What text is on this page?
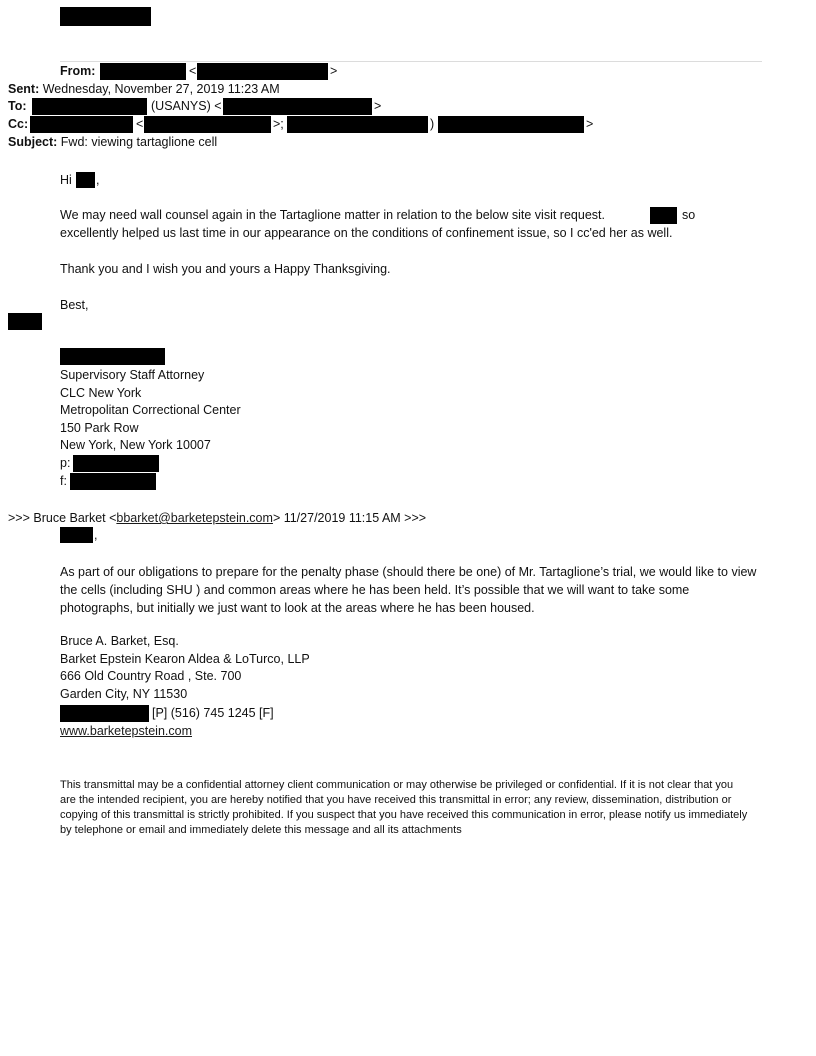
From:	<	>
Sent: Wednesday, November 27, 2019 11:23 AM
To:	(USANYS) <	>
Cc:	<	>;	)	>
Subject: Fwd: viewing tartaglione cell
Hi ,
We may need wall counsel again in the Tartaglione matter in relation to the below site visit request.	so
excellently helped us last time in our appearance on the conditions of confinement issue, so I cc'ed her as well.
Thank you and I wish you and yours a Happy Thanksgiving.
Best,
Supervisory Staff Attorney
CLC New York
Metropolitan Correctional Center
150 Park Row
New York, New York 10007
p:
f:
>>> Bruce Barket <bbarket@barketepstein.com> 11/27/2019 11:15 AM >>>
,
As part of our obligations to prepare for the penalty phase (should there be one) of Mr. Tartaglione’s trial, we would like to view the cells (including SHU ) and common areas where he has been held. It’s possible that we will want to take some photographs, but initially we just want to look at the areas where he has been housed.
Bruce A. Barket, Esq.
Barket Epstein Kearon Aldea & LoTurco, LLP
666 Old Country Road , Ste. 700
Garden City, NY 11530
[P] (516) 745 1245 [F]
www.barketepstein.com
This transmittal may be a confidential attorney client communication or may otherwise be privileged or confidential. If it is not clear that you are the intended recipient, you are hereby notified that you have received this transmittal in error; any review, dissemination, distribution or copying of this transmittal is strictly prohibited. If you suspect that you have received this communication in error, please notify us immediately by telephone or email and immediately delete this message and all its attachments
